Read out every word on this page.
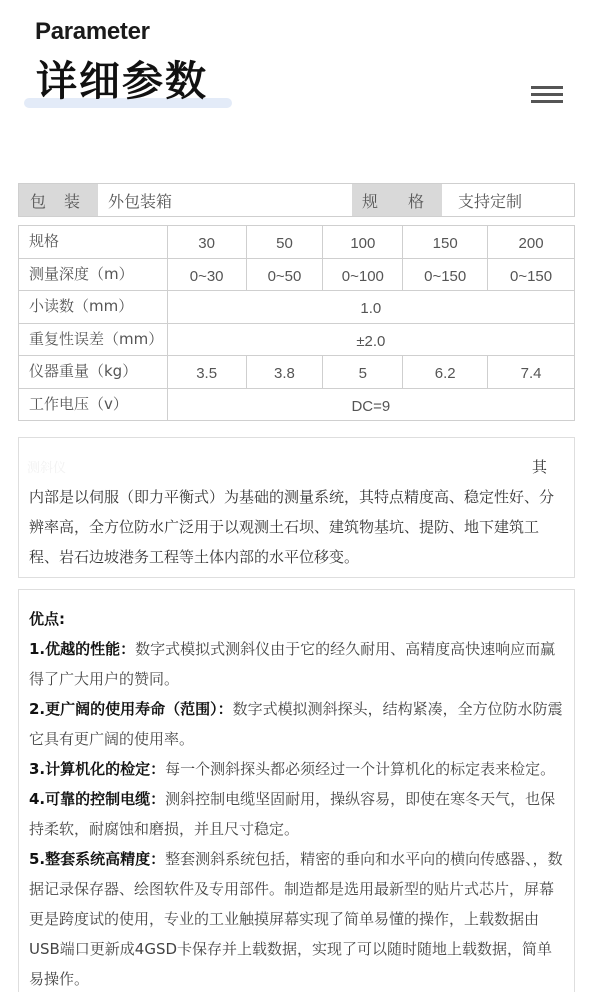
Parameter
详细参数
包 装	外包装箱	规 格	支持定制
规格	30	50	100	150	200
测量深度（m）	0~30	0~50	0~100	0~150	0~150
小读数（mm）	1.0				
重复性误差（mm）	±2.0				
仪器重量（kg）	3.5	3.8	5	6.2	7.4
工作电压（v）	DC=9				
测斜仪	其
内部是以伺服（即力平衡式）为基础的测量系统，其特点精度高、稳定性好、分辨率高，全方位防水广泛用于以观测土石坝、建筑物基坑、提防、地下建筑工程、岩石边坡港务工程等土体内部的水平位移变。
优点:
1.优越的性能：数字式模拟式测斜仪由于它的经久耐用、高精度高快速响应而赢得了广大用户的赞同。
2.更广阔的使用寿命（范围）：数字式模拟测斜探头，结构紧凑，全方位防水防震它具有更广阔的使用率。
3.计算机化的检定：每一个测斜探头都必须经过一个计算机化的标定表来检定。
4.可靠的控制电缆：测斜控制电缆坚固耐用，操纵容易，即使在寒冬天气，也保持柔软，耐腐蚀和磨损，并且尺寸稳定。
5.整套系统高精度：整套测斜系统包括，精密的垂向和水平向的横向传感器、，数据记录保存器、绘图软件及专用部件。制造都是选用最新型的贴片式芯片，屏幕更是跨度试的使用，专业的工业触摸屏幕实现了简单易懂的操作，上载数据由USB端口更新成4GSD卡保存并上载数据，实现了可以随时随地上载数据，简单易操作。
